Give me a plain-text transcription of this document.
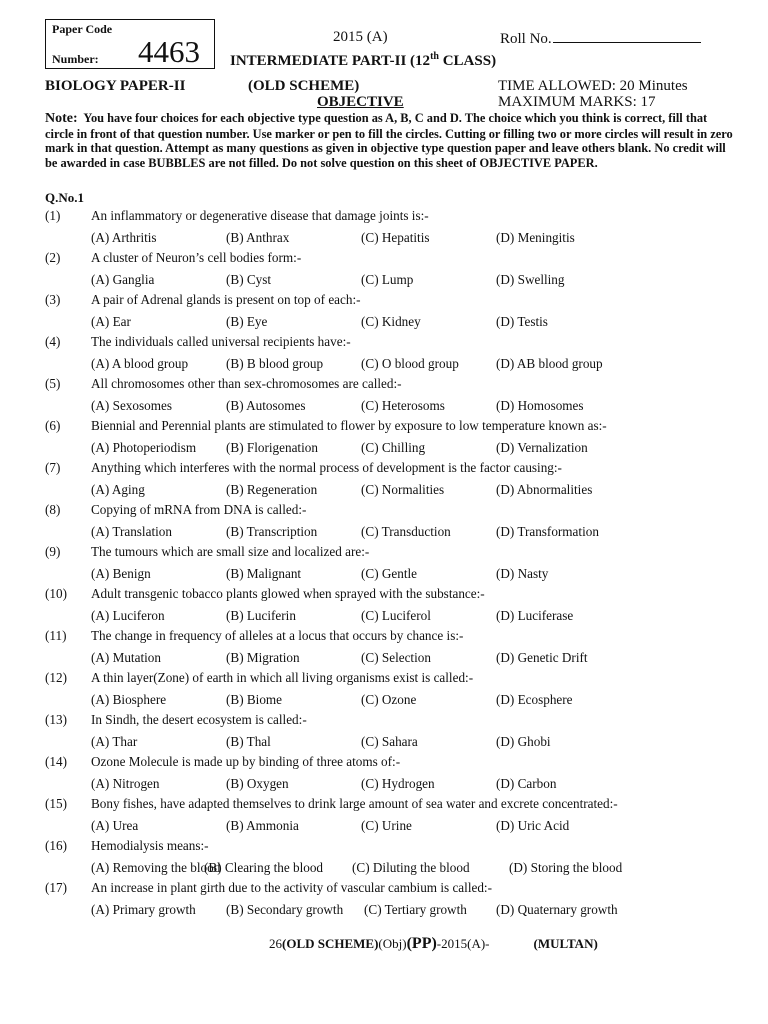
Paper Code
Number: 4463	2015 (A)	Roll No.
INTERMEDIATE PART-II (12th CLASS)
BIOLOGY PAPER-II	(OLD SCHEME)	TIME ALLOWED: 20 Minutes
OBJECTIVE	MAXIMUM MARKS: 17
Note: You have four choices for each objective type question as A, B, C and D. The choice which you think is correct, fill that circle in front of that question number. Use marker or pen to fill the circles. Cutting or filling two or more circles will result in zero mark in that question. Attempt as many questions as given in objective type question paper and leave others blank. No credit will be awarded in case BUBBLES are not filled. Do not solve question on this sheet of OBJECTIVE PAPER.
Q.No.1
(1) An inflammatory or degenerative disease that damage joints is:-
(A) Arthritis	(B) Anthrax	(C) Hepatitis	(D) Meningitis
(2) A cluster of Neuron’s cell bodies form:-
(A) Ganglia	(B) Cyst	(C) Lump	(D) Swelling
(3) A pair of Adrenal glands is present on top of each:-
(A) Ear	(B) Eye	(C) Kidney	(D) Testis
(4) The individuals called universal recipients have:-
(A) A blood group	(B) B blood group	(C) O blood group	(D) AB blood group
(5) All chromosomes other than sex-chromosomes are called:-
(A) Sexosomes	(B) Autosomes	(C) Heterosoms	(D) Homosomes
(6) Biennial and Perennial plants are stimulated to flower by exposure to low temperature known as:-
(A) Photoperiodism (B) Florigenation	(C) Chilling	(D) Vernalization
(7) Anything which interferes with the normal process of development is the factor causing:-
(A) Aging	(B) Regeneration	(C) Normalities	(D) Abnormalities
(8) Copying of mRNA from DNA is called:-
(A) Translation	(B) Transcription	(C) Transduction	(D) Transformation
(9) The tumours which are small size and localized are:-
(A) Benign	(B) Malignant	(C) Gentle	(D) Nasty
(10) Adult transgenic tobacco plants glowed when sprayed with the substance:-
(A) Luciferon	(B) Luciferin	(C) Luciferol	(D) Luciferase
(11) The change in frequency of alleles at a locus that occurs by chance is:-
(A) Mutation	(B) Migration	(C) Selection	(D) Genetic Drift
(12) A thin layer(Zone) of earth in which all living organisms exist is called:-
(A) Biosphere	(B) Biome	(C) Ozone	(D) Ecosphere
(13) In Sindh, the desert ecosystem is called:-
(A) Thar	(B) Thal	(C) Sahara	(D) Ghobi
(14) Ozone Molecule is made up by binding of three atoms of:-
(A) Nitrogen	(B) Oxygen	(C) Hydrogen	(D) Carbon
(15) Bony fishes, have adapted themselves to drink large amount of sea water and excrete concentrated:-
(A) Urea	(B) Ammonia	(C) Urine	(D) Uric Acid
(16) Hemodialysis means:-
(A) Removing the blood
(B) Clearing the blood (C) Diluting the blood	(D) Storing the blood
(17) An increase in plant girth due to the activity of vascular cambium is called:-
(A) Primary growth (B) Secondary growth (C) Tertiary growth (D) Quaternary growth
26(OLD SCHEME)(Obj)(PP)-2015(A)-	(MULTAN)
